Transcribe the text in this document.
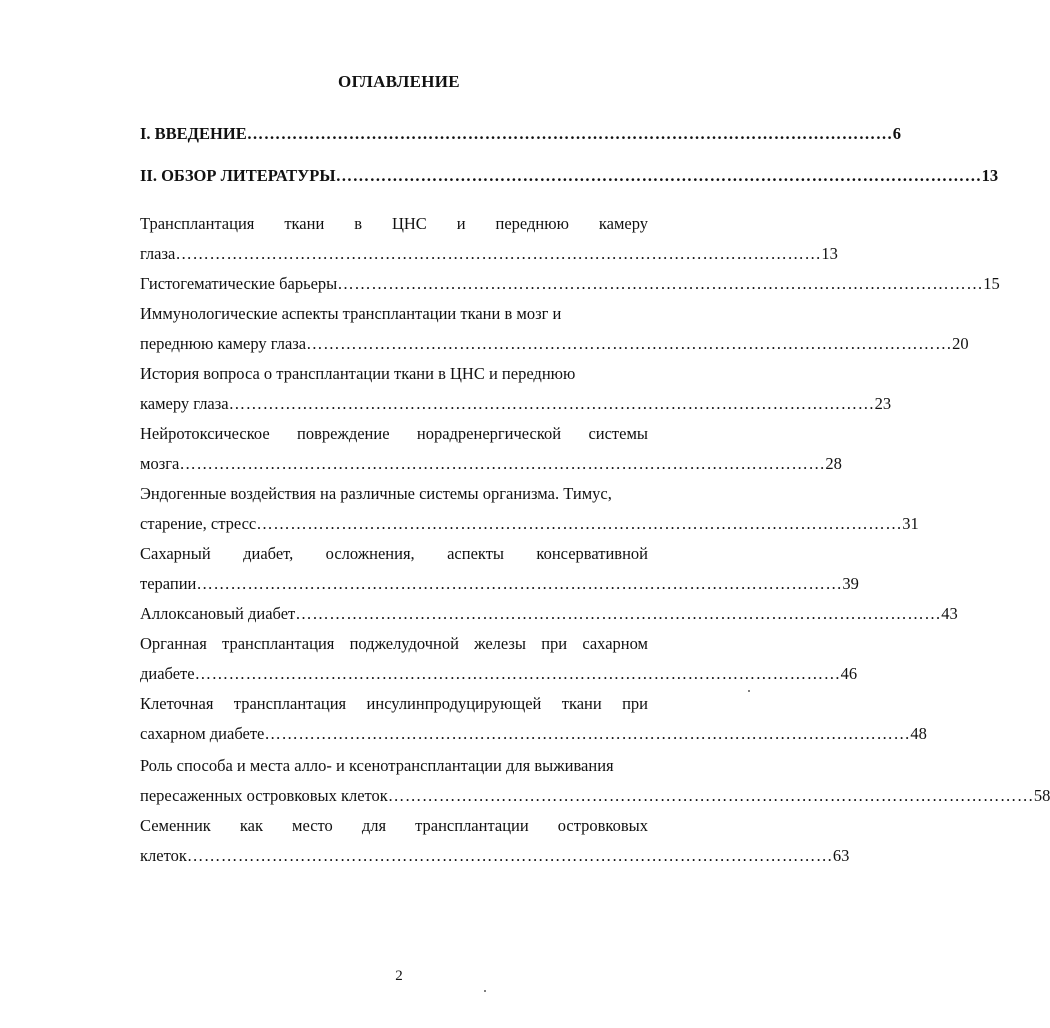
ОГЛАВЛЕНИЕ
I. ВВЕДЕНИЕ …………………………………………………………………………………………………… 6
II. ОБЗОР ЛИТЕРАТУРЫ …………………………………………………………………………………………………… 13
Трансплантация ткани в ЦНС и переднюю камеру
глаза …………………………………………………………………………………………………… 13
Гистогематические барьеры …………………………………………………………………………………………………… 15
Иммунологические аспекты трансплантации ткани в мозг и
переднюю камеру глаза …………………………………………………………………………………………………… 20
История вопроса о трансплантации ткани в ЦНС и переднюю
камеру глаза …………………………………………………………………………………………………… 23
Нейротоксическое повреждение норадренергической системы
мозга …………………………………………………………………………………………………… 28
Эндогенные воздействия на различные системы организма. Тимус,
старение, стресс …………………………………………………………………………………………………… 31
Сахарный диабет, осложнения, аспекты консервативной
терапии …………………………………………………………………………………………………… 39
Аллоксановый диабет …………………………………………………………………………………………………… 43
Органная трансплантация поджелудочной железы при сахарном
диабете …………………………………………………………………………………………………… 46
Клеточная трансплантация инсулинпродуцирующей ткани при
сахарном диабете …………………………………………………………………………………………………… 48
Роль способа и места алло- и ксенотрансплантации для выживания
пересаженных островковых клеток …………………………………………………………………………………………………… 58
Семенник как место для трансплантации островковых
клеток …………………………………………………………………………………………………… 63
2
